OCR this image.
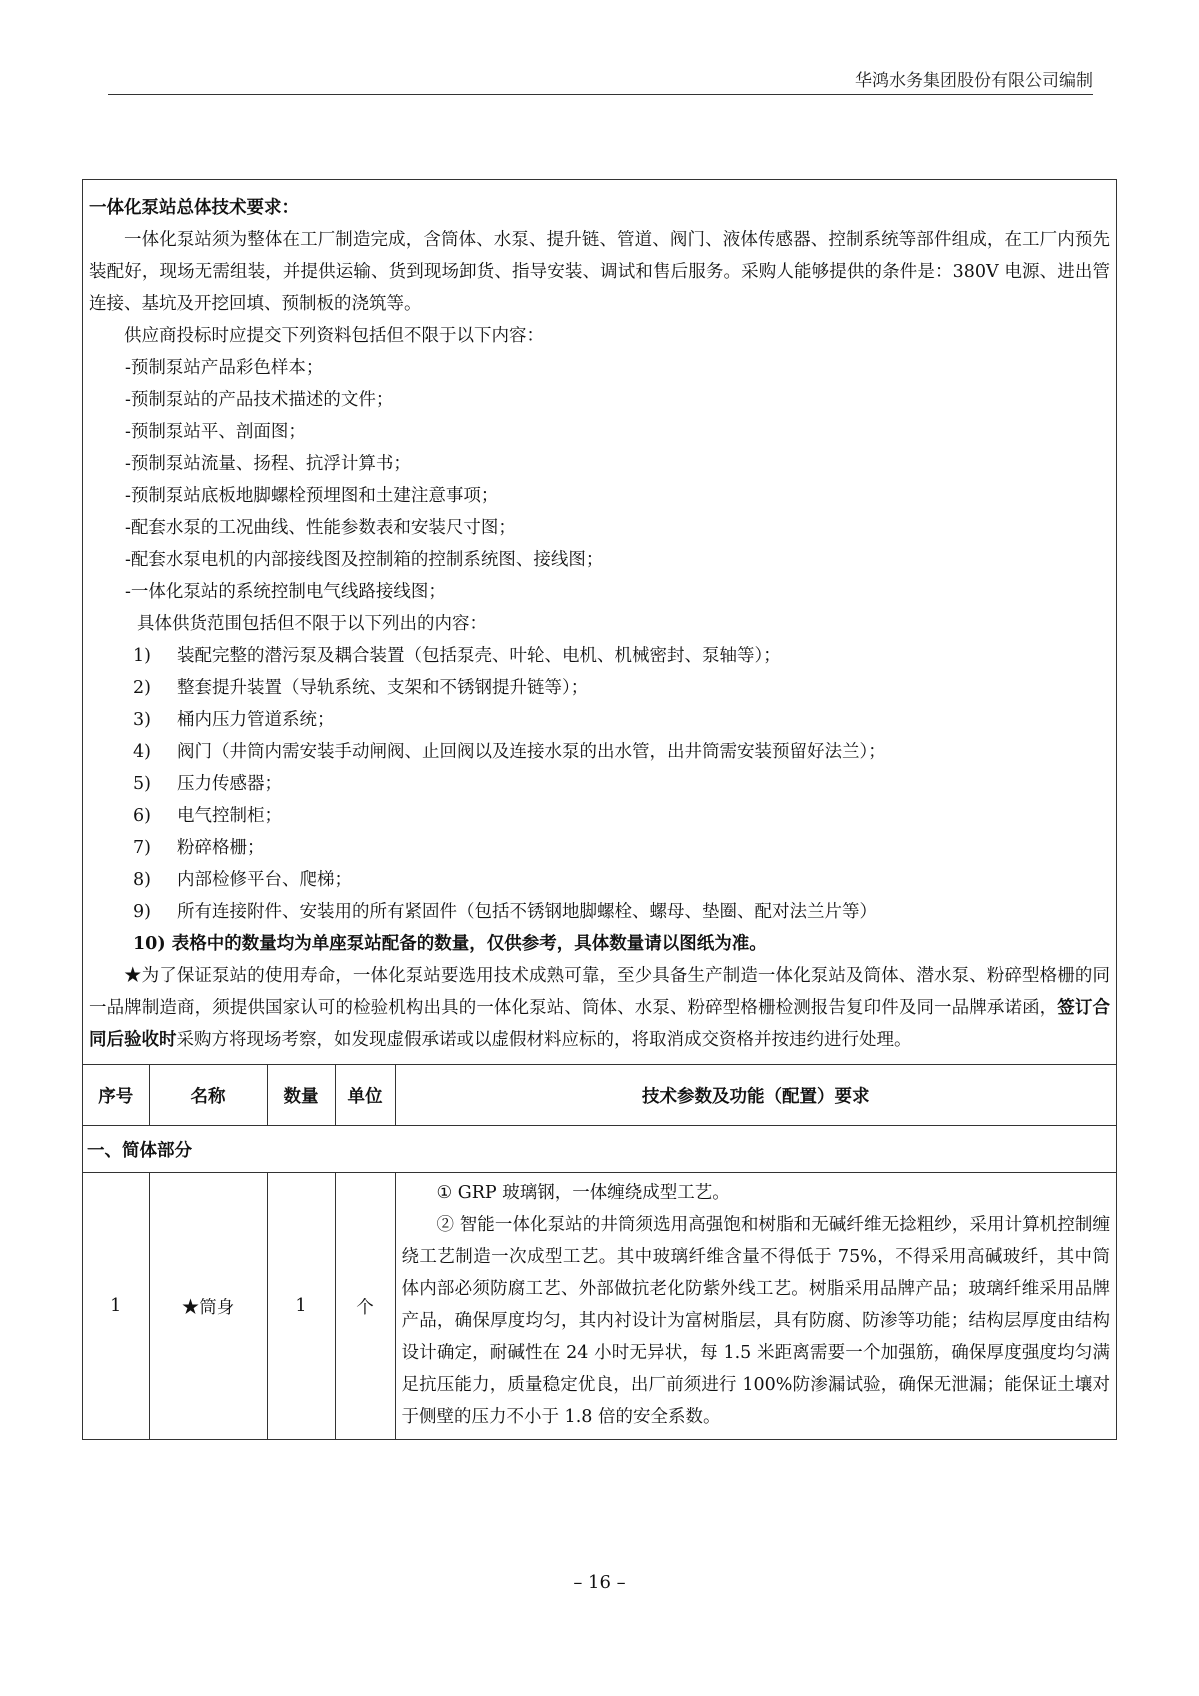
华鸿水务集团股份有限公司编制

一体化泵站总体技术要求：

一体化泵站须为整体在工厂制造完成，含筒体、水泵、提升链、管道、阀门、液体传感器、控制系统等部件组成，在工厂内预先装配好，现场无需组装，并提供运输、货到现场卸货、指导安装、调试和售后服务。采购人能够提供的条件是：380V 电源、进出管连接、基坑及开挖回填、预制板的浇筑等。

供应商投标时应提交下列资料包括但不限于以下内容：

-预制泵站产品彩色样本；

-预制泵站的产品技术描述的文件；

-预制泵站平、剖面图；

-预制泵站流量、扬程、抗浮计算书；

-预制泵站底板地脚螺栓预埋图和土建注意事项；

-配套水泵的工况曲线、性能参数表和安装尺寸图；

-配套水泵电机的内部接线图及控制箱的控制系统图、接线图；

-一体化泵站的系统控制电气线路接线图；

具体供货范围包括但不限于以下列出的内容：

1)	装配完整的潜污泵及耦合装置（包括泵壳、叶轮、电机、机械密封、泵轴等）；

2)	整套提升装置（导轨系统、支架和不锈钢提升链等）；

3)	桶内压力管道系统；

4)	阀门（井筒内需安装手动闸阀、止回阀以及连接水泵的出水管，出井筒需安装预留好法兰）；

5)	压力传感器；

6)	电气控制柜；

7)	粉碎格栅；

8)	内部检修平台、爬梯；

9)	所有连接附件、安装用的所有紧固件（包括不锈钢地脚螺栓、螺母、垫圈、配对法兰片等）

10) 表格中的数量均为单座泵站配备的数量，仅供参考，具体数量请以图纸为准。

★为了保证泵站的使用寿命，一体化泵站要选用技术成熟可靠，至少具备生产制造一体化泵站及筒体、潜水泵、粉碎型格栅的同一品牌制造商，须提供国家认可的检验机构出具的一体化泵站、筒体、水泵、粉碎型格栅检测报告复印件及同一品牌承诺函，签订合同后验收时采购方将现场考察，如发现虚假承诺或以虚假材料应标的，将取消成交资格并按违约进行处理。

序号	名称	数量	单位	技术参数及功能（配置）要求
一、简体部分				
1	★筒身	1	个	① GRP 玻璃钢，一体缠绕成型工艺。

② 智能一体化泵站的井筒须选用高强饱和树脂和无碱纤维无捻粗纱，采用计算机控制缠绕工艺制造一次成型工艺。其中玻璃纤维含量不得低于 75%，不得采用高碱玻纤，其中筒体内部必须防腐工艺、外部做抗老化防紫外线工艺。树脂采用品牌产品；玻璃纤维采用品牌产品，确保厚度均匀，其内衬设计为富树脂层，具有防腐、防渗等功能；结构层厚度由结构设计确定，耐碱性在 24 小时无异状，每 1.5 米距离需要一个加强筋，确保厚度强度均匀满足抗压能力，质量稳定优良，出厂前须进行 100%防渗漏试验，确保无泄漏；能保证土壤对于侧壁的压力不小于 1.8 倍的安全系数。

– 16 –
